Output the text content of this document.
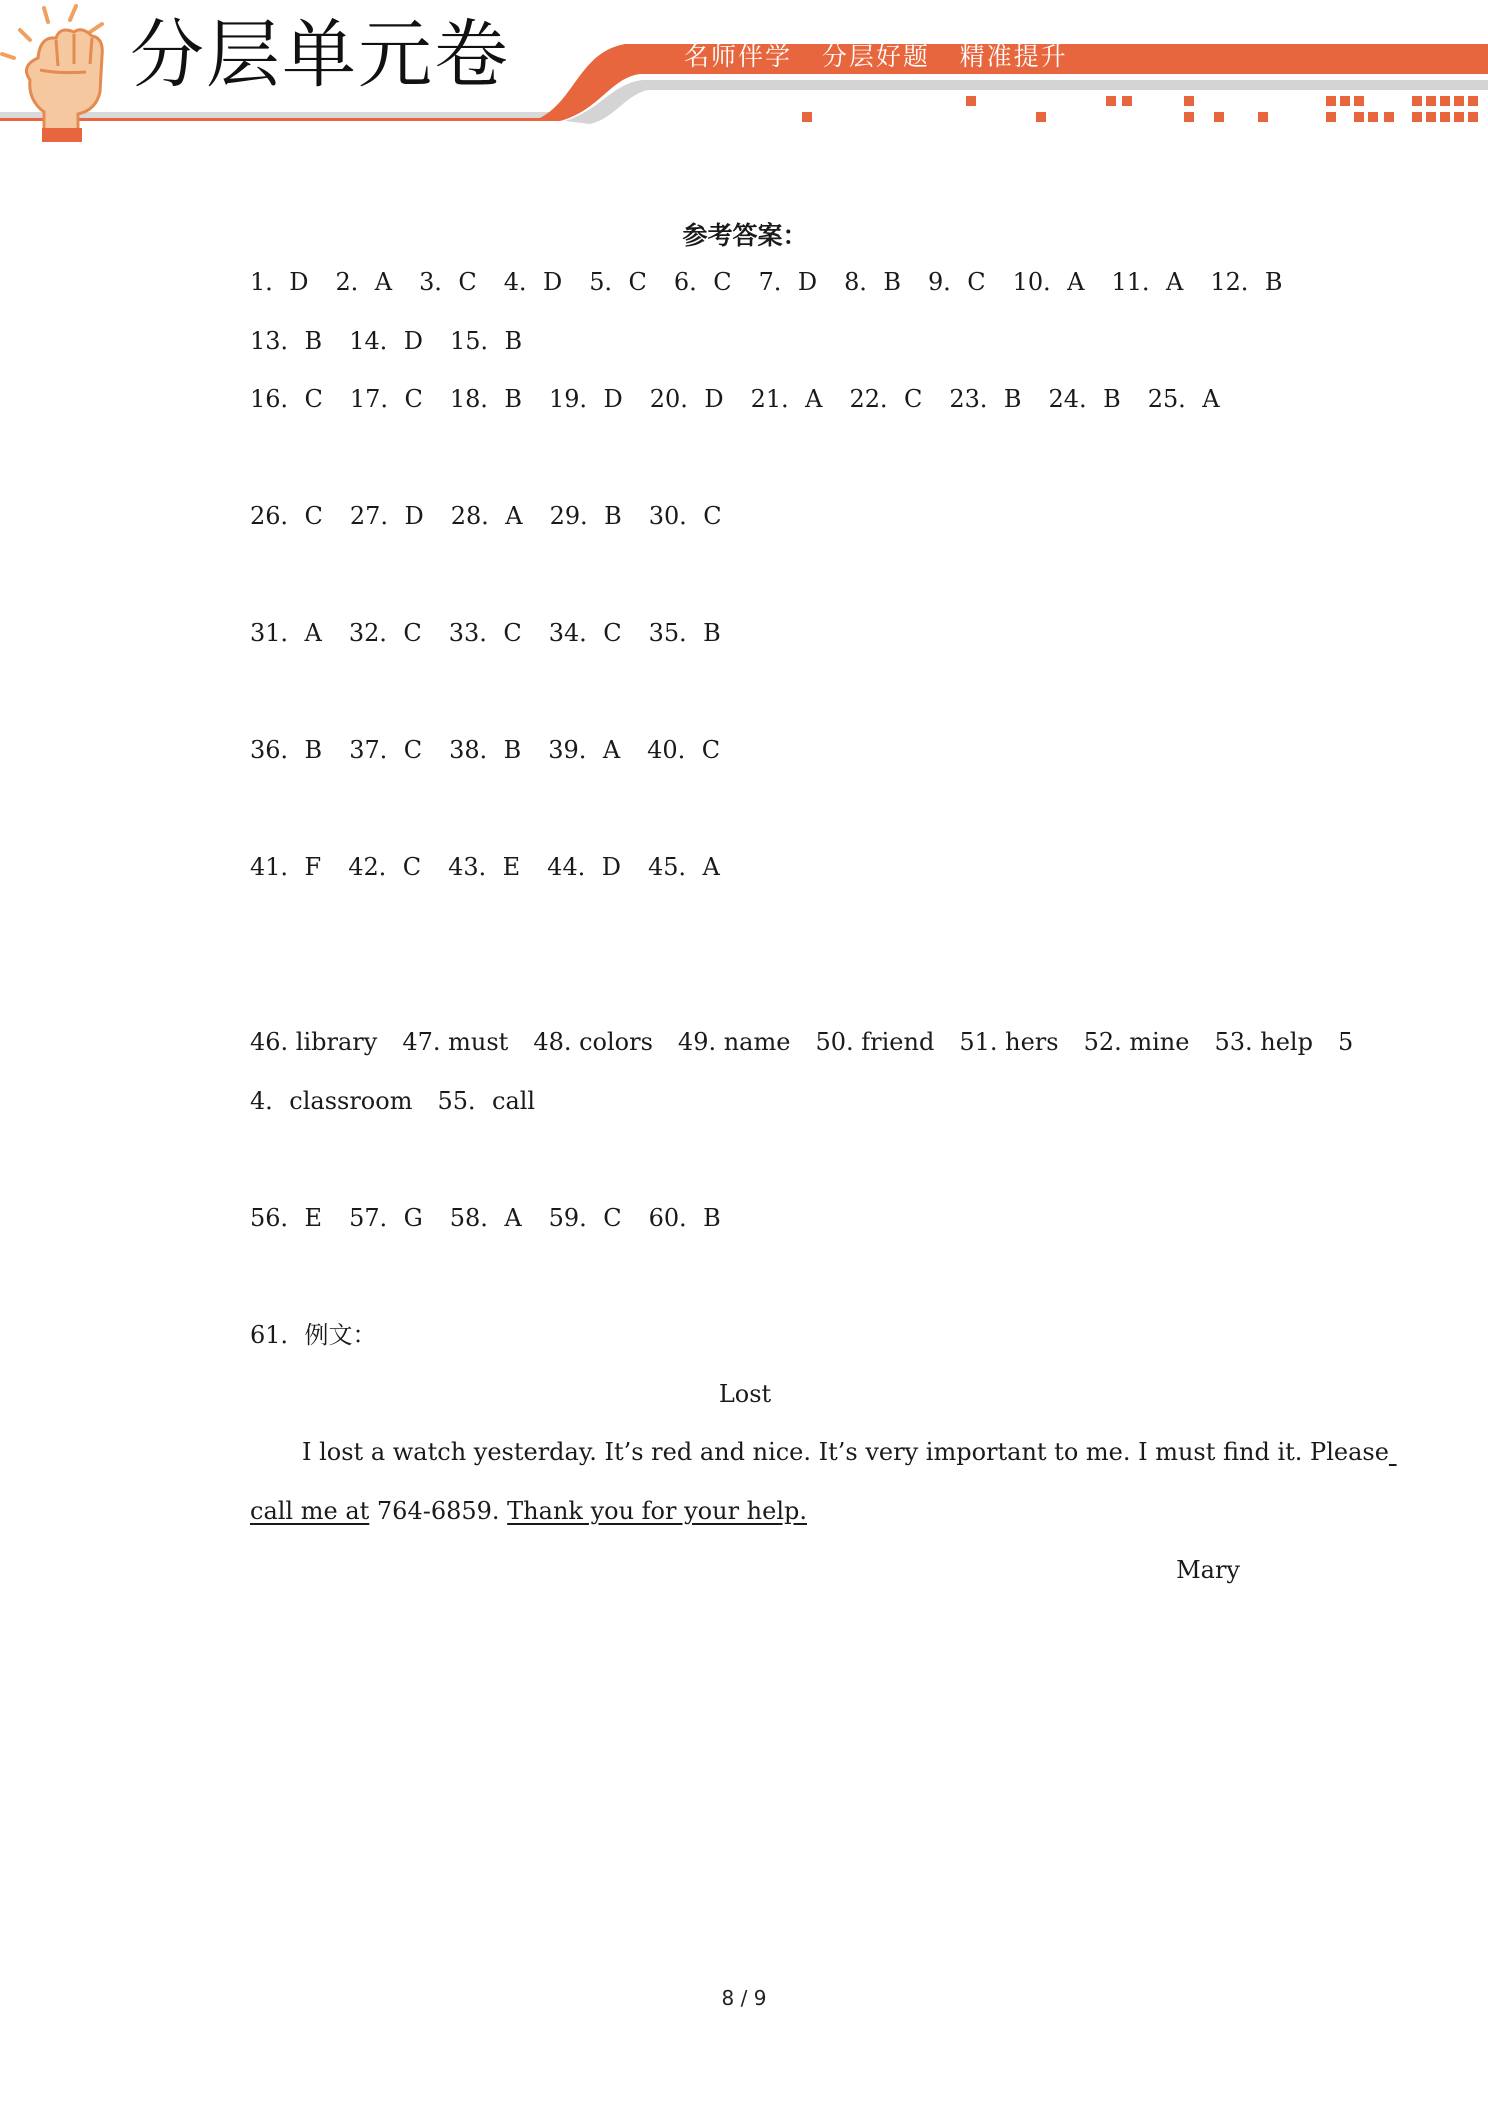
分层单元卷	名师伴学   分层好题   精准提升
参考答案：
1．D 2．A 3．C 4．D 5．C 6．C 7．D 8．B 9．C 10．A 11．A 12．B
13．B 14．D 15．B
16．C 17．C 18．B 19．D 20．D 21．A 22．C 23．B 24．B 25．A
26．C 27．D 28．A 29．B 30．C
31．A 32．C 33．C 34．C 35．B
36．B 37．C 38．B 39．A 40．C
41．F 42．C 43．E 44．D 45．A
46. library 47. must 48. colors 49. name 50. friend 51. hers 52. mine 53. help 5
4．classroom 55．call
56．E 57．G 58．A 59．C 60．B
61．例文：
Lost
I lost a watch yesterday. It’s red and nice. It’s very important to me. I must find it. Please
call me at 764-6859. Thank you for your help.
Mary
8 / 9
